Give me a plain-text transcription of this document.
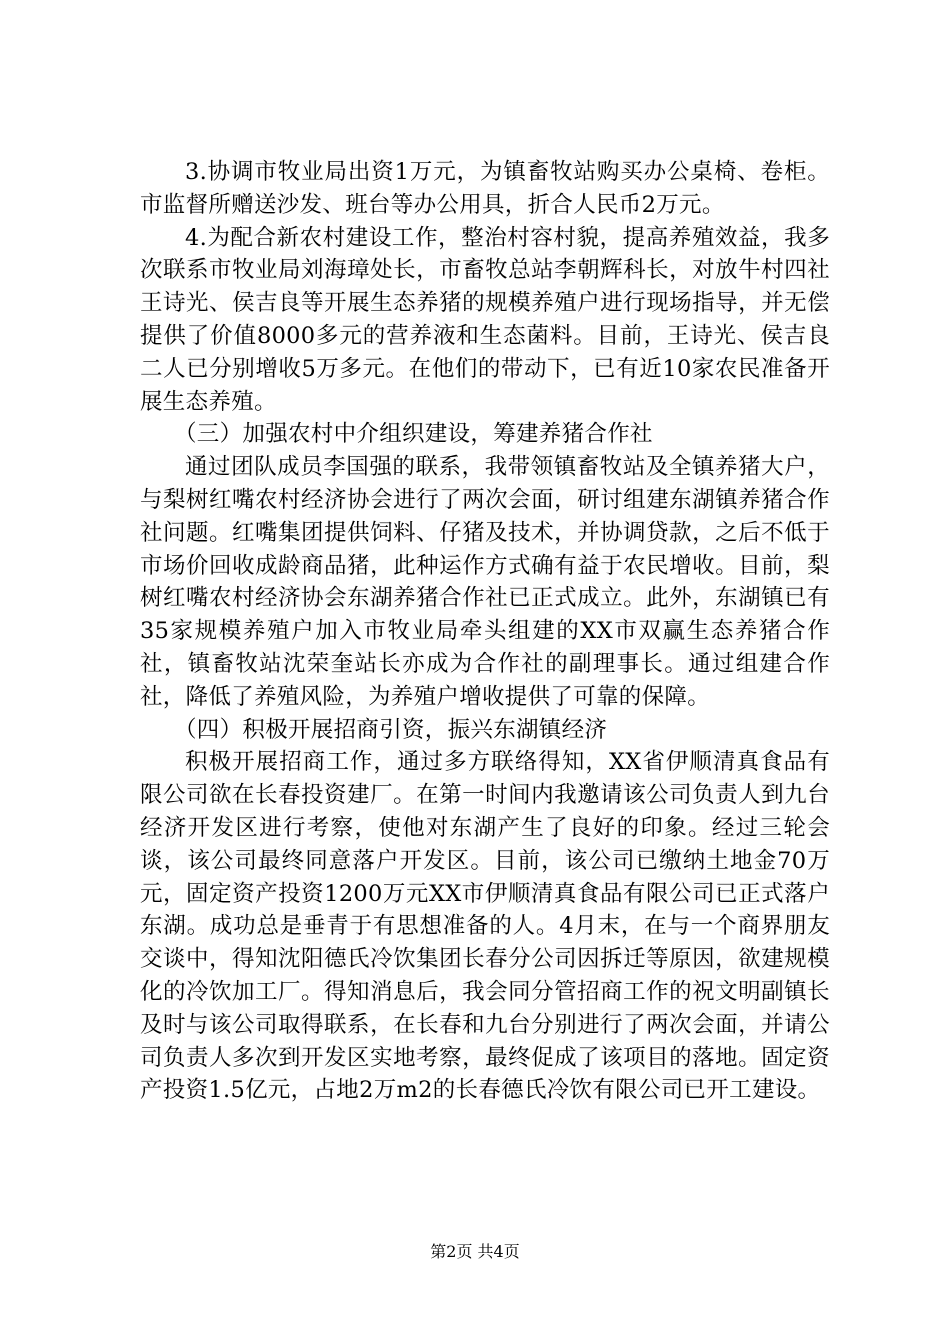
3.协调市牧业局出资1万元，为镇畜牧站购买办公桌椅、卷柜。市监督所赠送沙发、班台等办公用具，折合人民币2万元。

4.为配合新农村建设工作，整治村容村貌，提高养殖效益，我多次联系市牧业局刘海璋处长，市畜牧总站李朝辉科长，对放牛村四社王诗光、侯吉良等开展生态养猪的规模养殖户进行现场指导，并无偿提供了价值8000多元的营养液和生态菌料。目前，王诗光、侯吉良二人已分别增收5万多元。在他们的带动下，已有近10家农民准备开展生态养殖。

（三）加强农村中介组织建设，筹建养猪合作社

通过团队成员李国强的联系，我带领镇畜牧站及全镇养猪大户，与梨树红嘴农村经济协会进行了两次会面，研讨组建东湖镇养猪合作社问题。红嘴集团提供饲料、仔猪及技术，并协调贷款，之后不低于市场价回收成龄商品猪，此种运作方式确有益于农民增收。目前，梨树红嘴农村经济协会东湖养猪合作社已正式成立。此外，东湖镇已有35家规模养殖户加入市牧业局牵头组建的XX市双赢生态养猪合作社，镇畜牧站沈荣奎站长亦成为合作社的副理事长。通过组建合作社，降低了养殖风险，为养殖户增收提供了可靠的保障。

（四）积极开展招商引资，振兴东湖镇经济

积极开展招商工作，通过多方联络得知，XX省伊顺清真食品有限公司欲在长春投资建厂。在第一时间内我邀请该公司负责人到九台经济开发区进行考察，使他对东湖产生了良好的印象。经过三轮会谈，该公司最终同意落户开发区。目前，该公司已缴纳土地金70万元，固定资产投资1200万元XX市伊顺清真食品有限公司已正式落户东湖。成功总是垂青于有思想准备的人。4月末，在与一个商界朋友交谈中，得知沈阳德氏冷饮集团长春分公司因拆迁等原因，欲建规模化的冷饮加工厂。得知消息后，我会同分管招商工作的祝文明副镇长及时与该公司取得联系，在长春和九台分别进行了两次会面，并请公司负责人多次到开发区实地考察，最终促成了该项目的落地。固定资产投资1.5亿元，占地2万m2的长春德氏冷饮有限公司已开工建设。

第2页 共4页
